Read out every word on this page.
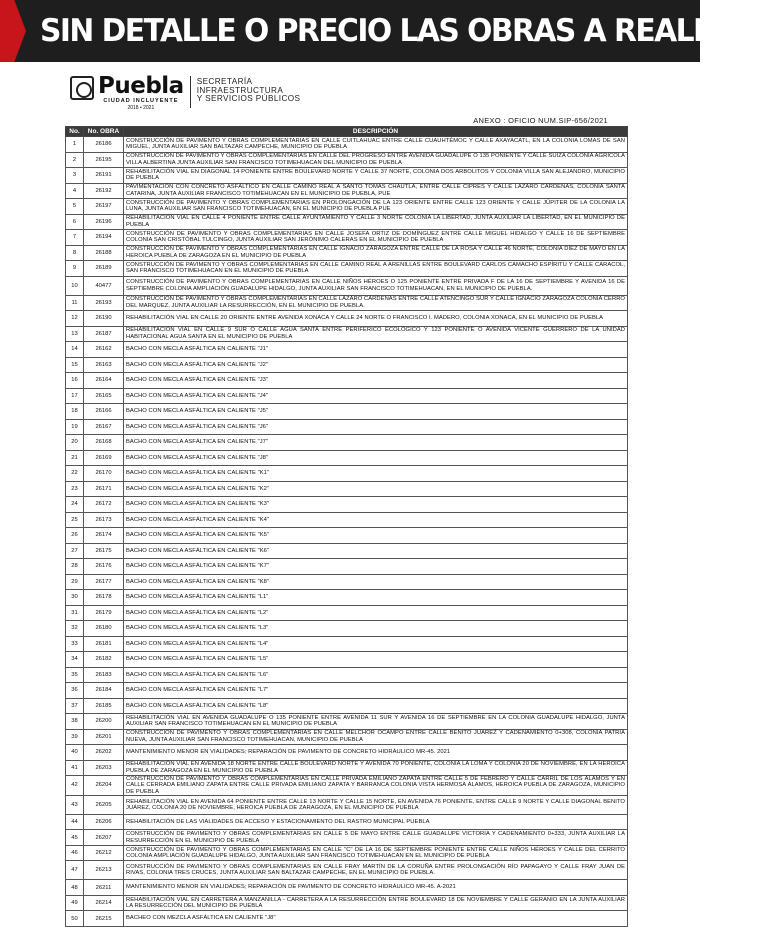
SIN DETALLE O PRECIO LAS OBRAS A REALIZAR
Puebla
CIUDAD INCLUYENTE
2018 • 2021
SECRETARÍA
INFRAESTRUCTURA
Y SERVICIOS PÚBLICOS
ANEXO : OFICIO NUM.SIP-656/2021
No.	No. OBRA	DESCRIPCIÓN
1	26186	CONSTRUCCIÓN DE PAVIMENTO Y OBRAS COMPLEMENTARIAS EN CALLE CUITLAHUAC ENTRE CALLE CUAUHTÉMOC Y CALLE AXAYACATL, EN LA COLONIA LOMAS DE SAN MIGUEL, JUNTA AUXILIAR SAN BALTAZAR CAMPECHE, MUNICIPIO DE PUEBLA
2	26195	CONSTRUCCIÓN DE PAVIMENTO Y OBRAS COMPLEMENTARIAS EN CALLE DEL PROGRESO ENTRE AVENIDA GUADALUPE O 135 PONIENTE Y CALLE SUIZA COLONIA AGRÍCOLA VILLA ALBERTINA JUNTA AUXILIAR SAN FRANCISCO TOTIMEHUACAN DEL MUNICIPIO DE PUEBLA
3	26191	REHABILITACIÓN VIAL EN DIAGONAL 14 PONIENTE ENTRE BOULEVARD NORTE Y CALLE 37 NORTE, COLONIA DOS ARBOLITOS Y COLONIA VILLA SAN ALEJANDRO, MUNICIPIO DE PUEBLA
4	26192	PAVIMENTACIÓN CON CONCRETO ASFÁLTICO EN CALLE CAMINO REAL A SANTO TOMÁS CHAUTLA, ENTRE CALLE CIPRÉS Y CALLE LÁZARO CÁRDENAS, COLONIA SANTA CATARINA, JUNTA AUXILIAR FRANCISCO TOTIMEHUACAN EN EL MUNICIPIO DE PUEBLA, PUE
5	26197	CONSTRUCCIÓN DE PAVIMENTO Y OBRAS COMPLEMENTARIAS EN PROLONGACIÓN DE LA 123 ORIENTE ENTRE CALLE 123 ORIENTE Y CALLE JÚPITER DE LA COLONIA LA LUNA, JUNTA AUXILIAR SAN FRANCISCO TOTIMEHUACAN, EN EL MUNICIPIO DE PUEBLA PUE
6	26196	REHABILITACIÓN VIAL EN CALLE 4 PONIENTE ENTRE CALLE AYUNTAMIENTO Y CALLE 3 NORTE COLONIA LA LIBERTAD, JUNTA AUXILIAR LA LIBERTAD, EN EL MUNICIPIO DE PUEBLA
7	26194	CONSTRUCCIÓN DE PAVIMENTO Y OBRAS COMPLEMENTARIAS EN CALLE JOSEFA ORTIZ DE DOMÍNGUEZ ENTRE CALLE MIGUEL HIDALGO Y CALLE 16 DE SEPTIEMBRE COLONIA SAN CRISTÓBAL TULCINGO, JUNTA AUXILIAR SAN JERÓNIMO CALERAS EN EL MUNICIPIO DE PUEBLA
8	26188	CONSTRUCCIÓN DE PAVIMENTO Y OBRAS COMPLEMENTARIAS EN CALLE IGNACIO ZARAGOZA ENTRE CALLE DE LA ROSA Y CALLE 46 NORTE, COLONIA DIEZ DE MAYO EN LA HEROICA PUEBLA DE ZARAGOZA EN EL MUNICIPIO DE PUEBLA
9	26189	CONSTRUCCIÓN DE PAVIMENTO Y OBRAS COMPLEMENTARIAS EN CALLE CAMINO REAL A ARENILLAS ENTRE BOULEVARD CARLOS CAMACHO ESPÍRITU Y CALLE CARACOL, SAN FRANCISCO TOTIMEHUACAN EN EL MUNICIPIO DE PUEBLA
10	40477	CONSTRUCCIÓN DE PAVIMENTO Y OBRAS COMPLEMENTARIAS EN CALLE NIÑOS HÉROES O 125 PONIENTE ENTRE PRIVADA F DE LA 16 DE SEPTIEMBRE Y AVENIDA 16 DE SEPTIEMBRE COLONIA AMPLIACIÓN GUADALUPE HIDALGO, JUNTA AUXILIAR SAN FRANCISCO TOTIMEHUACAN, EN EL MUNICIPIO DE PUEBLA.
11	26193	CONSTRUCCIÓN DE PAVIMENTO Y OBRAS COMPLEMENTARIAS EN CALLE LÁZARO CÁRDENAS ENTRE CALLE ATENCINGO SUR Y CALLE IGNACIO ZARAGOZA COLONIA CERRO DEL MARQUEZ, JUNTA AUXILIAR LA RESURRECCIÓN, EN EL MUNICIPIO DE PUEBLA.
12	26190	REHABILITACIÓN VIAL EN CALLE 20 ORIENTE ENTRE AVENIDA XONACA Y CALLE 24 NORTE O FRANCISCO I. MADERO, COLONIA XONACA, EN EL MUNICIPIO DE PUEBLA
13	26187	REHABILITACIÓN VIAL EN CALLE 9 SUR O CALLE AGUA SANTA ENTRE PERIFÉRICO ECOLÓGICO Y 123 PONIENTE O AVENIDA VICENTE GUERRERO DE LA UNIDAD HABITACIONAL AGUA SANTA EN EL MUNICIPIO DE PUEBLA
14	26162	BACHO CON MECLA ASFÁLTICA EN CALIENTE "J1"
15	26163	BACHO CON MECLA ASFÁLTICA EN CALIENTE "J2"
16	26164	BACHO CON MECLA ASFÁLTICA EN CALIENTE "J3"
17	26165	BACHO CON MECLA ASFÁLTICA EN CALIENTE "J4"
18	26166	BACHO CON MECLA ASFÁLTICA EN CALIENTE "J5"
19	26167	BACHO CON MECLA ASFÁLTICA EN CALIENTE "J6"
20	26168	BACHO CON MECLA ASFÁLTICA EN CALIENTE "J7"
21	26169	BACHO CON MECLA ASFÁLTICA EN CALIENTE "J8"
22	26170	BACHO CON MECLA ASFÁLTICA EN CALIENTE "K1"
23	26171	BACHO CON MECLA ASFÁLTICA EN CALIENTE "K2"
24	26172	BACHO CON MECLA ASFÁLTICA EN CALIENTE "K3"
25	26173	BACHO CON MECLA ASFÁLTICA EN CALIENTE "K4"
26	26174	BACHO CON MECLA ASFÁLTICA EN CALIENTE "K5"
27	26175	BACHO CON MECLA ASFÁLTICA EN CALIENTE "K6"
28	26176	BACHO CON MECLA ASFÁLTICA EN CALIENTE "K7"
29	26177	BACHO CON MECLA ASFÁLTICA EN CALIENTE "K8"
30	26178	BACHO CON MECLA ASFÁLTICA EN CALIENTE "L1"
31	26179	BACHO CON MECLA ASFÁLTICA EN CALIENTE "L2"
32	26180	BACHO CON MECLA ASFÁLTICA EN CALIENTE "L3"
33	26181	BACHO CON MECLA ASFÁLTICA EN CALIENTE "L4"
34	26182	BACHO CON MECLA ASFÁLTICA EN CALIENTE "L5"
35	26183	BACHO CON MECLA ASFÁLTICA EN CALIENTE "L6"
36	26184	BACHO CON MECLA ASFÁLTICA EN CALIENTE "L7"
37	26185	BACHO CON MECLA ASFÁLTICA EN CALIENTE "L8"
38	26200	REHABILITACIÓN VIAL EN AVENIDA GUADALUPE O 135 PONIENTE ENTRE AVENIDA 11 SUR Y AVENIDA 16 DE SEPTIEMBRE EN LA COLONIA GUADALUPE HIDALGO, JUNTA AUXILIAR SAN FRANCISCO TOTIMEHUACAN EN EL MUNICIPIO DE PUEBLA
39	26201	CONSTRUCCIÓN DE PAVIMENTO Y OBRAS COMPLEMENTARIAS EN CALLE MELCHOR OCAMPO ENTRE CALLE BENITO JUÁREZ Y CADENAMIENTO 0+308, COLONIA PATRIA NUEVA, JUNTA AUXILIAR SAN FRANCISCO TOTIMEHUACAN, MUNICIPIO DE PUEBLA
40	26202	MANTENIMIENTO MENOR EN VIALIDADES; REPARACIÓN DE PAVIMENTO DE CONCRETO HIDRÁULICO MR-45. 2021
41	26203	REHABILITACIÓN VIAL EN AVENIDA 18 NORTE ENTRE CALLE BOULEVARD NORTE Y AVENIDA 70 PONIENTE, COLONIA LA LOMA Y COLONIA 20 DE NOVIEMBRE, EN LA HEROICA PUEBLA DE ZARAGOZA EN EL MUNICIPIO DE PUEBLA
42	26204	CONSTRUCCIÓN DE PAVIMENTO Y OBRAS COMPLEMENTARIAS EN CALLE PRIVADA EMILIANO ZAPATA ENTRE CALLE 5 DE FEBRERO Y CALLE CARRIL DE LOS ÁLAMOS Y EN CALLE CERRADA EMILIANO ZAPATA ENTRE CALLE PRIVADA EMILIANO ZAPATA Y BARRANCA COLONIA VISTA HERMOSA ÁLAMOS, HEROICA PUEBLA DE ZARAGOZA, MUNICIPIO DE PUEBLA
43	26205	REHABILITACIÓN VIAL EN AVENIDA 64 PONIENTE ENTRE CALLE 13 NORTE Y CALLE 15 NORTE, EN AVENIDA 76 PONIENTE, ENTRE CALLE 9 NORTE Y CALLE DIAGONAL BENITO JUÁREZ, COLONIA 20 DE NOVIEMBRE, HEROICA PUEBLA DE ZARAGOZA, EN EL MUNICIPIO DE PUEBLA
44	26206	REHABILITACIÓN DE LAS VIALIDADES DE ACCESO Y ESTACIONAMIENTO DEL RASTRO MUNICIPAL PUEBLA
45	26207	CONSTRUCCIÓN DE PAVIMENTO Y OBRAS COMPLEMENTARIAS EN CALLE 5 DE MAYO ENTRE CALLE GUADALUPE VICTORIA Y CADENAMIENTO 0+333, JUNTA AUXILIAR LA RESURRECCIÓN EN EL MUNICIPIO DE PUEBLA
46	26212	CONSTRUCCIÓN DE PAVIMENTO Y OBRAS COMPLEMENTARIAS EN CALLE "C" DE LA 16 DE SEPTIEMBRE PONIENTE ENTRE CALLE NIÑOS HÉROES Y CALLE DEL CERRITO COLONIA AMPLIACIÓN GUADALUPE HIDALGO, JUNTA AUXILIAR SAN FRANCISCO TOTIMEHUACAN EN EL MUNICIPIO DE PUEBLA
47	26213	CONSTRUCCIÓN DE PAVIMENTO Y OBRAS COMPLEMENTARIAS EN CALLE FRAY MARTÍN DE LA CORUÑA ENTRE PROLONGACIÓN RÍO PAPAGAYO Y CALLE FRAY JUAN DE RIVAS, COLONIA TRES CRUCES, JUNTA AUXILIAR SAN BALTAZAR CAMPECHE, EN EL MUNICIPIO DE PUEBLA.
48	26211	MANTENIMIENTO MENOR EN VIALIDADES; REPARACIÓN DE PAVIMENTO DE CONCRETO HIDRÁULICO MR-45. A-2021
49	26214	REHABILITACIÓN VIAL EN CARRETERA A MANZANILLA - CARRETERA A LA RESURRECCIÓN ENTRE BOULEVARD 18 DE NOVIEMBRE Y CALLE GERANIO EN LA JUNTA AUXILIAR LA RESURRECCIÓN DEL MUNICIPIO DE PUEBLA
50	26215	BACHEO CON MEZCLA ASFÁLTICA EN CALIENTE "J8"
